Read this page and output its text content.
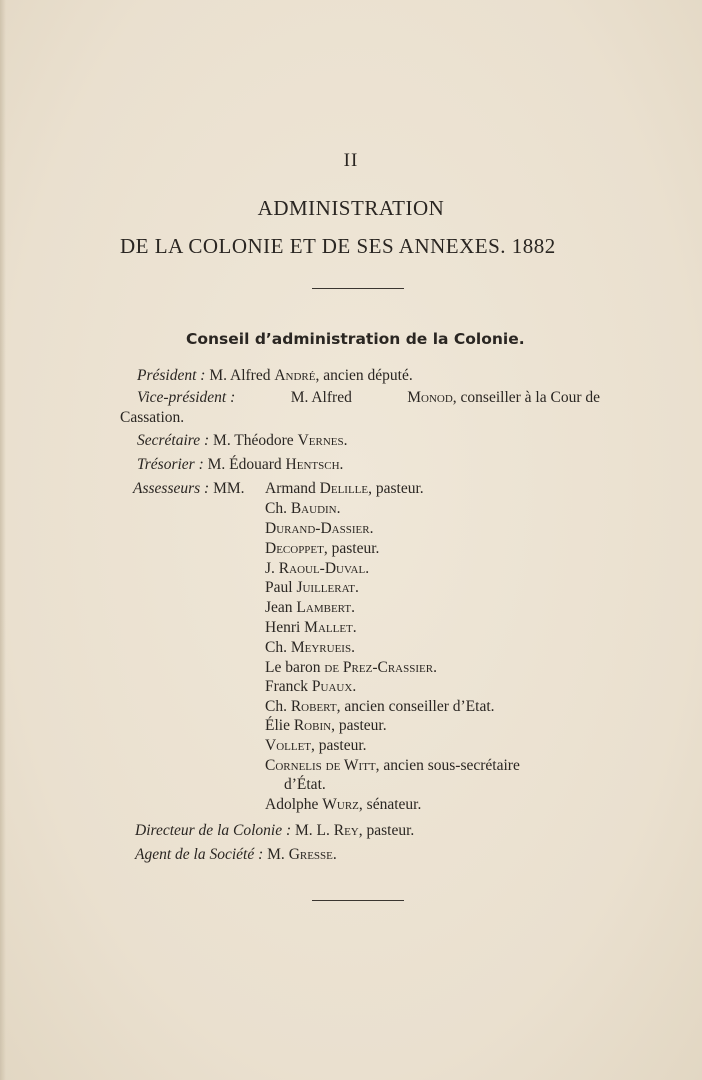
II
ADMINISTRATION
DE LA COLONIE ET DE SES ANNEXES. 1882
Conseil d’administration de la Colonie.
Président : M. Alfred André, ancien député.
Vice-président :	M. Alfred	Monod, conseiller à la Cour de
Cassation.
Secrétaire : M. Théodore Vernes.
Trésorier : M. Édouard Hentsch.
Assesseurs : MM. Armand Delille, pasteur.
Ch. Baudin.
Durand-Dassier.
Decoppet, pasteur.
J. Raoul-Duval.
Paul Juillerat.
Jean Lambert.
Henri Mallet.
Ch. Meyrueis.
Le baron de Prez-Crassier.
Franck Puaux.
Ch. Robert, ancien conseiller d’Etat.
Élie Robin, pasteur.
Vollet, pasteur.
Cornelis de Witt, ancien sous-secrétaire
d’État.
Adolphe Wurz, sénateur.
Directeur de la Colonie : M. L. Rey, pasteur.
Agent de la Société : M. Gresse.
